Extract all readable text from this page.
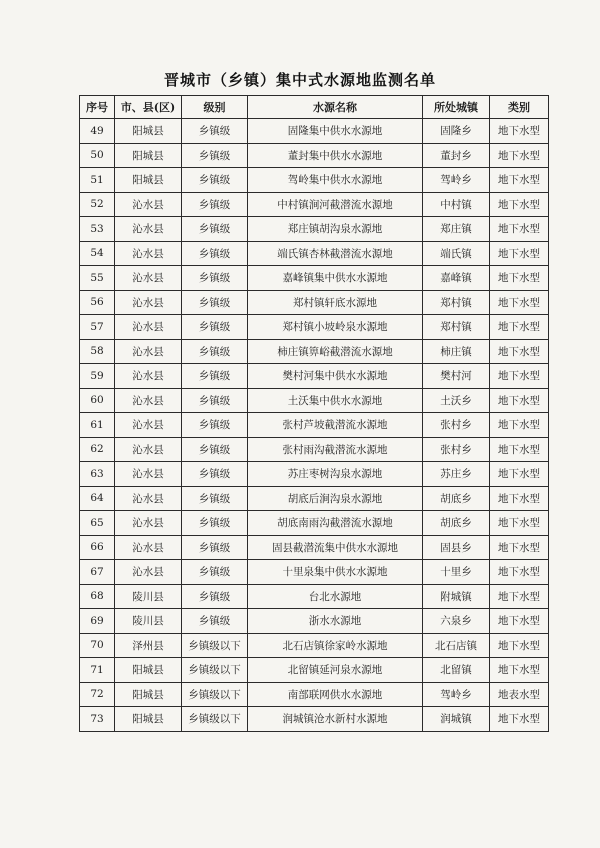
晋城市（乡镇）集中式水源地监测名单
序号	市、县(区)	级别	水源名称	所处城镇	类别
49	阳城县	乡镇级	固隆集中供水水源地	固隆乡	地下水型
50	阳城县	乡镇级	董封集中供水水源地	董封乡	地下水型
51	阳城县	乡镇级	驾岭集中供水水源地	驾岭乡	地下水型
52	沁水县	乡镇级	中村镇涧河截潜流水源地	中村镇	地下水型
53	沁水县	乡镇级	郑庄镇胡沟泉水源地	郑庄镇	地下水型
54	沁水县	乡镇级	端氏镇杏林截潜流水源地	端氏镇	地下水型
55	沁水县	乡镇级	嘉峰镇集中供水水源地	嘉峰镇	地下水型
56	沁水县	乡镇级	郑村镇轩底水源地	郑村镇	地下水型
57	沁水县	乡镇级	郑村镇小坡岭泉水源地	郑村镇	地下水型
58	沁水县	乡镇级	柿庄镇箅峪截潜流水源地	柿庄镇	地下水型
59	沁水县	乡镇级	樊村河集中供水水源地	樊村河	地下水型
60	沁水县	乡镇级	土沃集中供水水源地	土沃乡	地下水型
61	沁水县	乡镇级	张村芦坡截潜流水源地	张村乡	地下水型
62	沁水县	乡镇级	张村雨沟截潜流水源地	张村乡	地下水型
63	沁水县	乡镇级	苏庄枣树沟泉水源地	苏庄乡	地下水型
64	沁水县	乡镇级	胡底后涧沟泉水源地	胡底乡	地下水型
65	沁水县	乡镇级	胡底南雨沟截潜流水源地	胡底乡	地下水型
66	沁水县	乡镇级	固县截潜流集中供水水源地	固县乡	地下水型
67	沁水县	乡镇级	十里泉集中供水水源地	十里乡	地下水型
68	陵川县	乡镇级	台北水源地	附城镇	地下水型
69	陵川县	乡镇级	浙水水源地	六泉乡	地下水型
70	泽州县	乡镇级以下	北石店镇徐家岭水源地	北石店镇	地下水型
71	阳城县	乡镇级以下	北留镇延河泉水源地	北留镇	地下水型
72	阳城县	乡镇级以下	南部联网供水水源地	驾岭乡	地表水型
73	阳城县	乡镇级以下	润城镇沧水新村水源地	润城镇	地下水型
